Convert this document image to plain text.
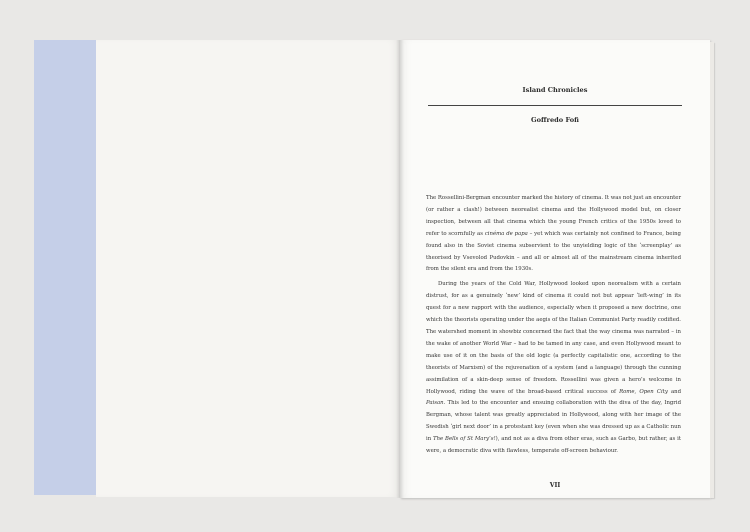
Island Chronicles
Goffredo Fofi

The Rossellini-Bergman encounter marked the history of cinema. It was not just an encounter (or rather a clash!) between neorealist cinema and the Hollywood model but, on closer inspection, between all that cinema which the young French critics of the 1950s loved to refer to scornfully as cinéma de papa – yet which was certainly not confined to France, being found also in the Soviet cinema subservient to the unyielding logic of the ‘screenplay’ as theorised by Vsevolod Pudovkin – and all or almost all of the mainstream cinema inherited from the silent era and from the 1930s.

During the years of the Cold War, Hollywood looked upon neorealism with a certain distrust, for as a genuinely ‘new’ kind of cinema it could not but appear ‘left-wing’ in its quest for a new rapport with the audience, especially when it proposed a new doctrine, one which the theorists operating under the aegis of the Italian Communist Party readily codified. The watershed moment in showbiz concerned the fact that the way cinema was narrated – in the wake of another World War – had to be tamed in any case, and even Hollywood meant to make use of it on the basis of the old logic (a perfectly capitalistic one, according to the theorists of Marxism) of the rejuvenation of a system (and a language) through the cunning assimilation of a skin-deep sense of freedom. Rossellini was given a hero’s welcome in Hollywood, riding the wave of the broad-based critical success of Rome, Open City and Paisan. This led to the encounter and ensuing collaboration with the diva of the day, Ingrid Bergman, whose talent was greatly appreciated in Hollywood, along with her image of the Swedish ‘girl next door’ in a protestant key (even when she was dressed up as a Catholic nun in The Bells of St Mary’s!), and not as a diva from other eras, such as Garbo, but rather, as it were, a democratic diva with flawless, temperate off-screen behaviour.

VII
